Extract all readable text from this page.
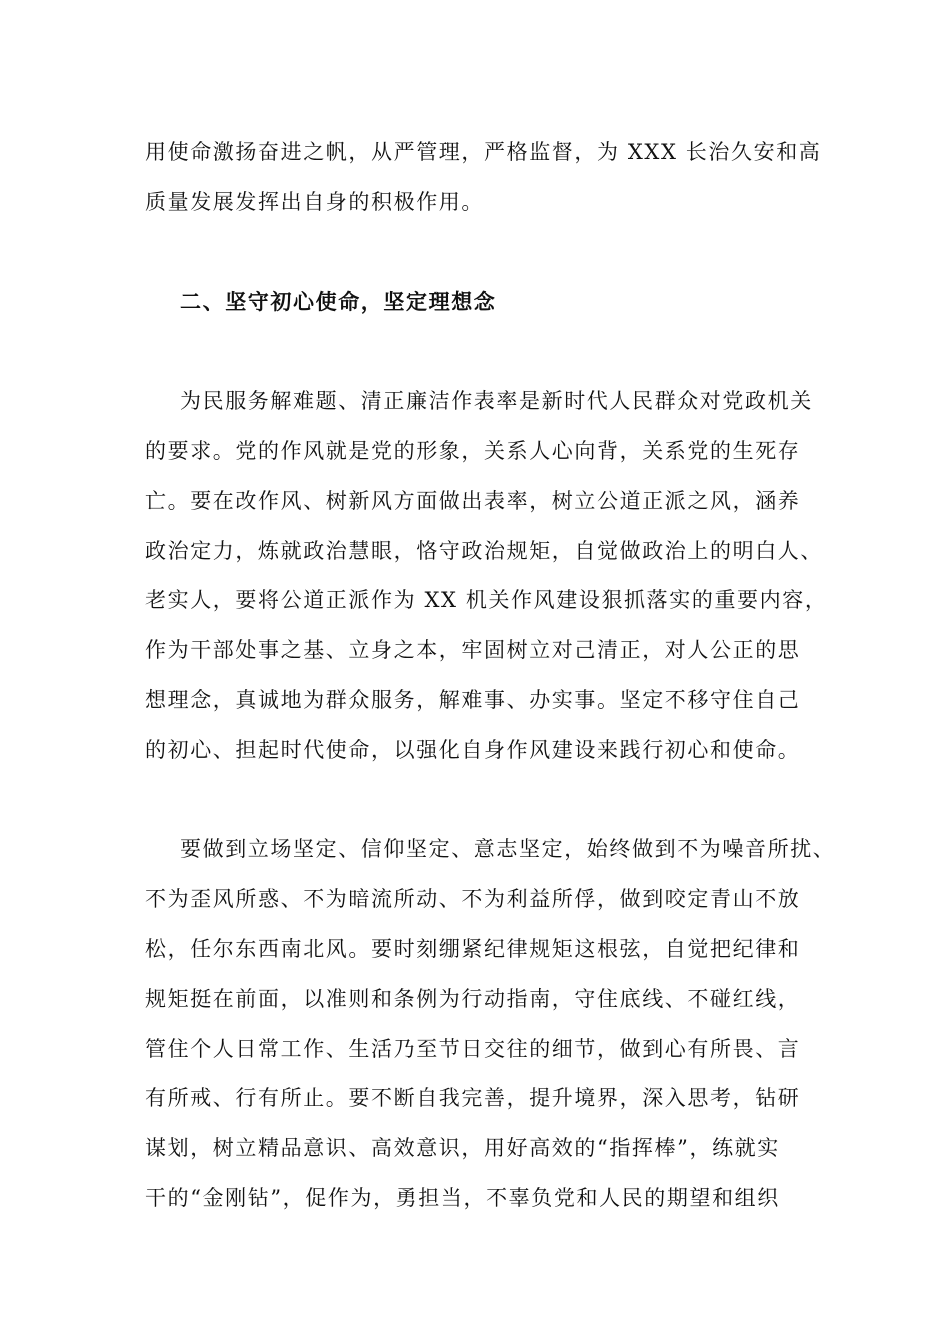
用使命激扬奋进之帆，从严管理，严格监督，为 XXX 长治久安和高
质量发展发挥出自身的积极作用。
二、坚守初心使命，坚定理想念
为民服务解难题、清正廉洁作表率是新时代人民群众对党政机关
的要求。党的作风就是党的形象，关系人心向背，关系党的生死存
亡。要在改作风、树新风方面做出表率，树立公道正派之风，涵养
政治定力，炼就政治慧眼，恪守政治规矩，自觉做政治上的明白人、
老实人，要将公道正派作为 XX 机关作风建设狠抓落实的重要内容，
作为干部处事之基、立身之本，牢固树立对己清正，对人公正的思
想理念，真诚地为群众服务，解难事、办实事。坚定不移守住自己
的初心、担起时代使命，以强化自身作风建设来践行初心和使命。
要做到立场坚定、信仰坚定、意志坚定，始终做到不为噪音所扰、
不为歪风所惑、不为暗流所动、不为利益所俘，做到咬定青山不放
松，任尔东西南北风。要时刻绷紧纪律规矩这根弦，自觉把纪律和
规矩挺在前面，以准则和条例为行动指南，守住底线、不碰红线，
管住个人日常工作、生活乃至节日交往的细节，做到心有所畏、言
有所戒、行有所止。要不断自我完善，提升境界，深入思考，钻研
谋划，树立精品意识、高效意识，用好高效的“指挥棒”，练就实
干的“金刚钻”，促作为，勇担当，不辜负党和人民的期望和组织
